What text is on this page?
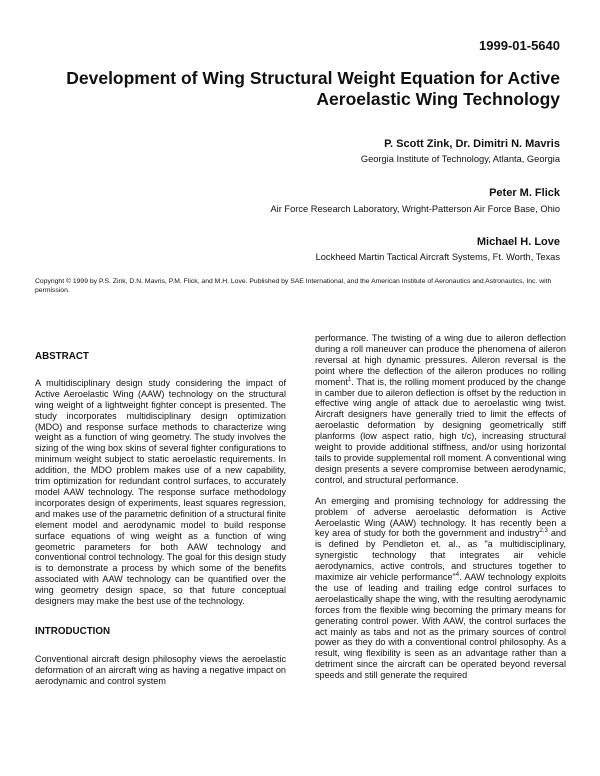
1999-01-5640
Development of Wing Structural Weight Equation for Active
Aeroelastic Wing Technology
P. Scott Zink, Dr. Dimitri N. Mavris
Georgia Institute of Technology, Atlanta, Georgia
Peter M. Flick
Air Force Research Laboratory, Wright-Patterson Air Force Base, Ohio
Michael H. Love
Lockheed Martin Tactical Aircraft Systems, Ft. Worth, Texas
Copyright © 1999 by P.S. Zink, D.N. Mavris, P.M. Flick, and M.H. Love. Published by SAE International, and the American Institute of Aeronautics and Astronautics, Inc. with permission.

ABSTRACT

A multidisciplinary design study considering the impact of Active Aeroelastic Wing (AAW) technology on the structural wing weight of a lightweight fighter concept is presented. The study incorporates multidisciplinary design optimization (MDO) and response surface methods to characterize wing weight as a function of wing geometry. The study involves the sizing of the wing box skins of several fighter configurations to minimum weight subject to static aeroelastic requirements. In addition, the MDO problem makes use of a new capability, trim optimization for redundant control surfaces, to accurately model AAW technology. The response surface methodology incorporates design of experiments, least squares regression, and makes use of the parametric definition of a structural finite element model and aerodynamic model to build response surface equations of wing weight as a function of wing geometric parameters for both AAW technology and conventional control technology. The goal for this design study is to demonstrate a process by which some of the benefits associated with AAW technology can be quantified over the wing geometry design space, so that future conceptual designers may make the best use of the technology.

INTRODUCTION

Conventional aircraft design philosophy views the aeroelastic deformation of an aircraft wing as having a negative impact on aerodynamic and control system

performance. The twisting of a wing due to aileron deflection during a roll maneuver can produce the phenomena of aileron reversal at high dynamic pressures. Aileron reversal is the point where the deflection of the aileron produces no rolling moment$^1$. That is, the rolling moment produced by the change in camber due to aileron deflection is offset by the reduction in effective wing angle of attack due to aeroelastic wing twist. Aircraft designers have generally tried to limit the effects of aeroelastic deformation by designing geometrically stiff planforms (low aspect ratio, high t/c), increasing structural weight to provide additional stiffness, and/or using horizontal tails to provide supplemental roll moment. A conventional wing design presents a severe compromise between aerodynamic, control, and structural performance.

An emerging and promising technology for addressing the problem of adverse aeroelastic deformation is Active Aeroelastic Wing (AAW) technology. It has recently been a key area of study for both the government and industry$^{2,3}$ and is defined by Pendleton et. al., as "a multidisciplinary, synergistic technology that integrates air vehicle aerodynamics, active controls, and structures together to maximize air vehicle performance"$^4$. AAW technology exploits the use of leading and trailing edge control surfaces to aeroelastically shape the wing, with the resulting aerodynamic forces from the flexible wing becoming the primary means for generating control power. With AAW, the control surfaces the act mainly as tabs and not as the primary sources of control power as they do with a conventional control philosophy. As a result, wing flexibility is seen as an advantage rather than a detriment since the aircraft can be operated beyond reversal speeds and still generate the required
